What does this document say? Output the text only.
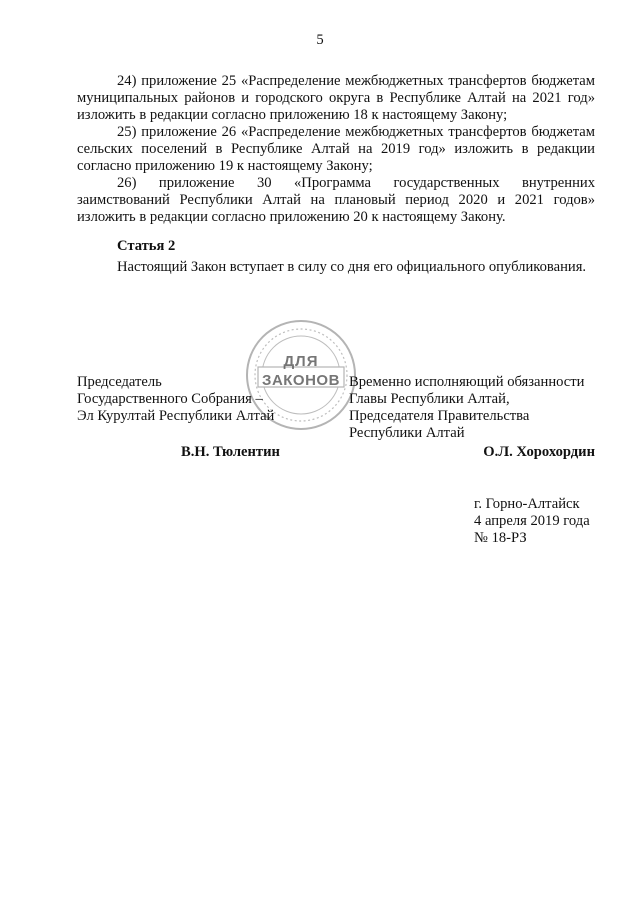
5

24) приложение 25 «Распределение межбюджетных трансфертов бюджетам муниципальных районов и городского округа в Республике Алтай на 2021 год» изложить в редакции согласно приложению 18 к настоящему Закону;

25) приложение 26 «Распределение межбюджетных трансфертов бюджетам сельских поселений в Республике Алтай на 2019 год» изложить в редакции согласно приложению 19 к настоящему Закону;

26) приложение 30 «Программа государственных внутренних заимствований Республики Алтай на плановый период 2020 и 2021 годов» изложить в редакции согласно приложению 20 к настоящему Закону.

Статья 2

Настоящий Закон вступает в силу со дня его официального опубликования.

ДЛЯ
ЗАКОНОВ
Председатель
Государственного Собрания –
Эл Курултай Республики Алтай
Временно исполняющий обязанности
Главы Республики Алтай,
Председателя Правительства
Республики Алтай
В.Н. Тюлентин	О.Л. Хорохордин
г. Горно-Алтайск
4 апреля 2019 года
№ 18-РЗ
